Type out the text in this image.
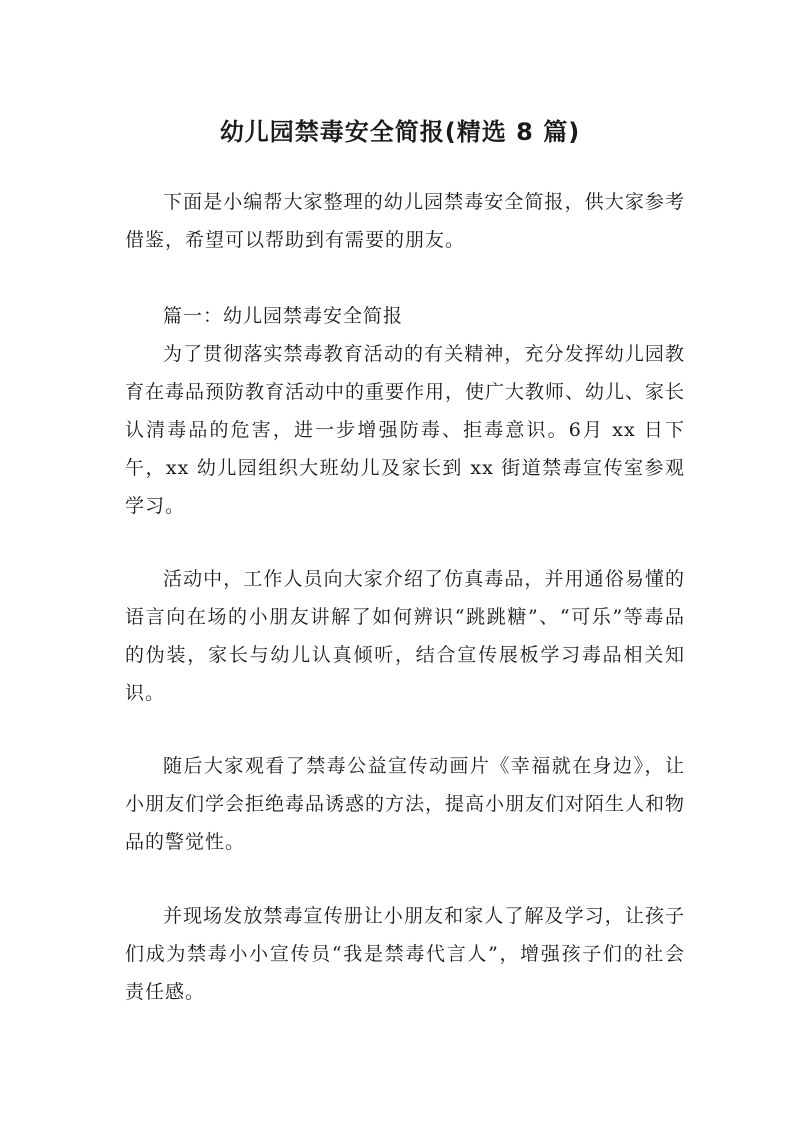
幼儿园禁毒安全简报(精选 8 篇)

下面是小编帮大家整理的幼儿园禁毒安全简报，供大家参考借鉴，希望可以帮助到有需要的朋友。

篇一：幼儿园禁毒安全简报

为了贯彻落实禁毒教育活动的有关精神，充分发挥幼儿园教育在毒品预防教育活动中的重要作用，使广大教师、幼儿、家长认清毒品的危害，进一步增强防毒、拒毒意识。6月 xx 日下午，xx 幼儿园组织大班幼儿及家长到 xx 街道禁毒宣传室参观学习。

活动中，工作人员向大家介绍了仿真毒品，并用通俗易懂的语言向在场的小朋友讲解了如何辨识“跳跳糖”、“可乐”等毒品的伪装，家长与幼儿认真倾听，结合宣传展板学习毒品相关知识。

随后大家观看了禁毒公益宣传动画片《幸福就在身边》，让小朋友们学会拒绝毒品诱惑的方法，提高小朋友们对陌生人和物品的警觉性。

并现场发放禁毒宣传册让小朋友和家人了解及学习，让孩子们成为禁毒小小宣传员“我是禁毒代言人”，增强孩子们的社会责任感。
